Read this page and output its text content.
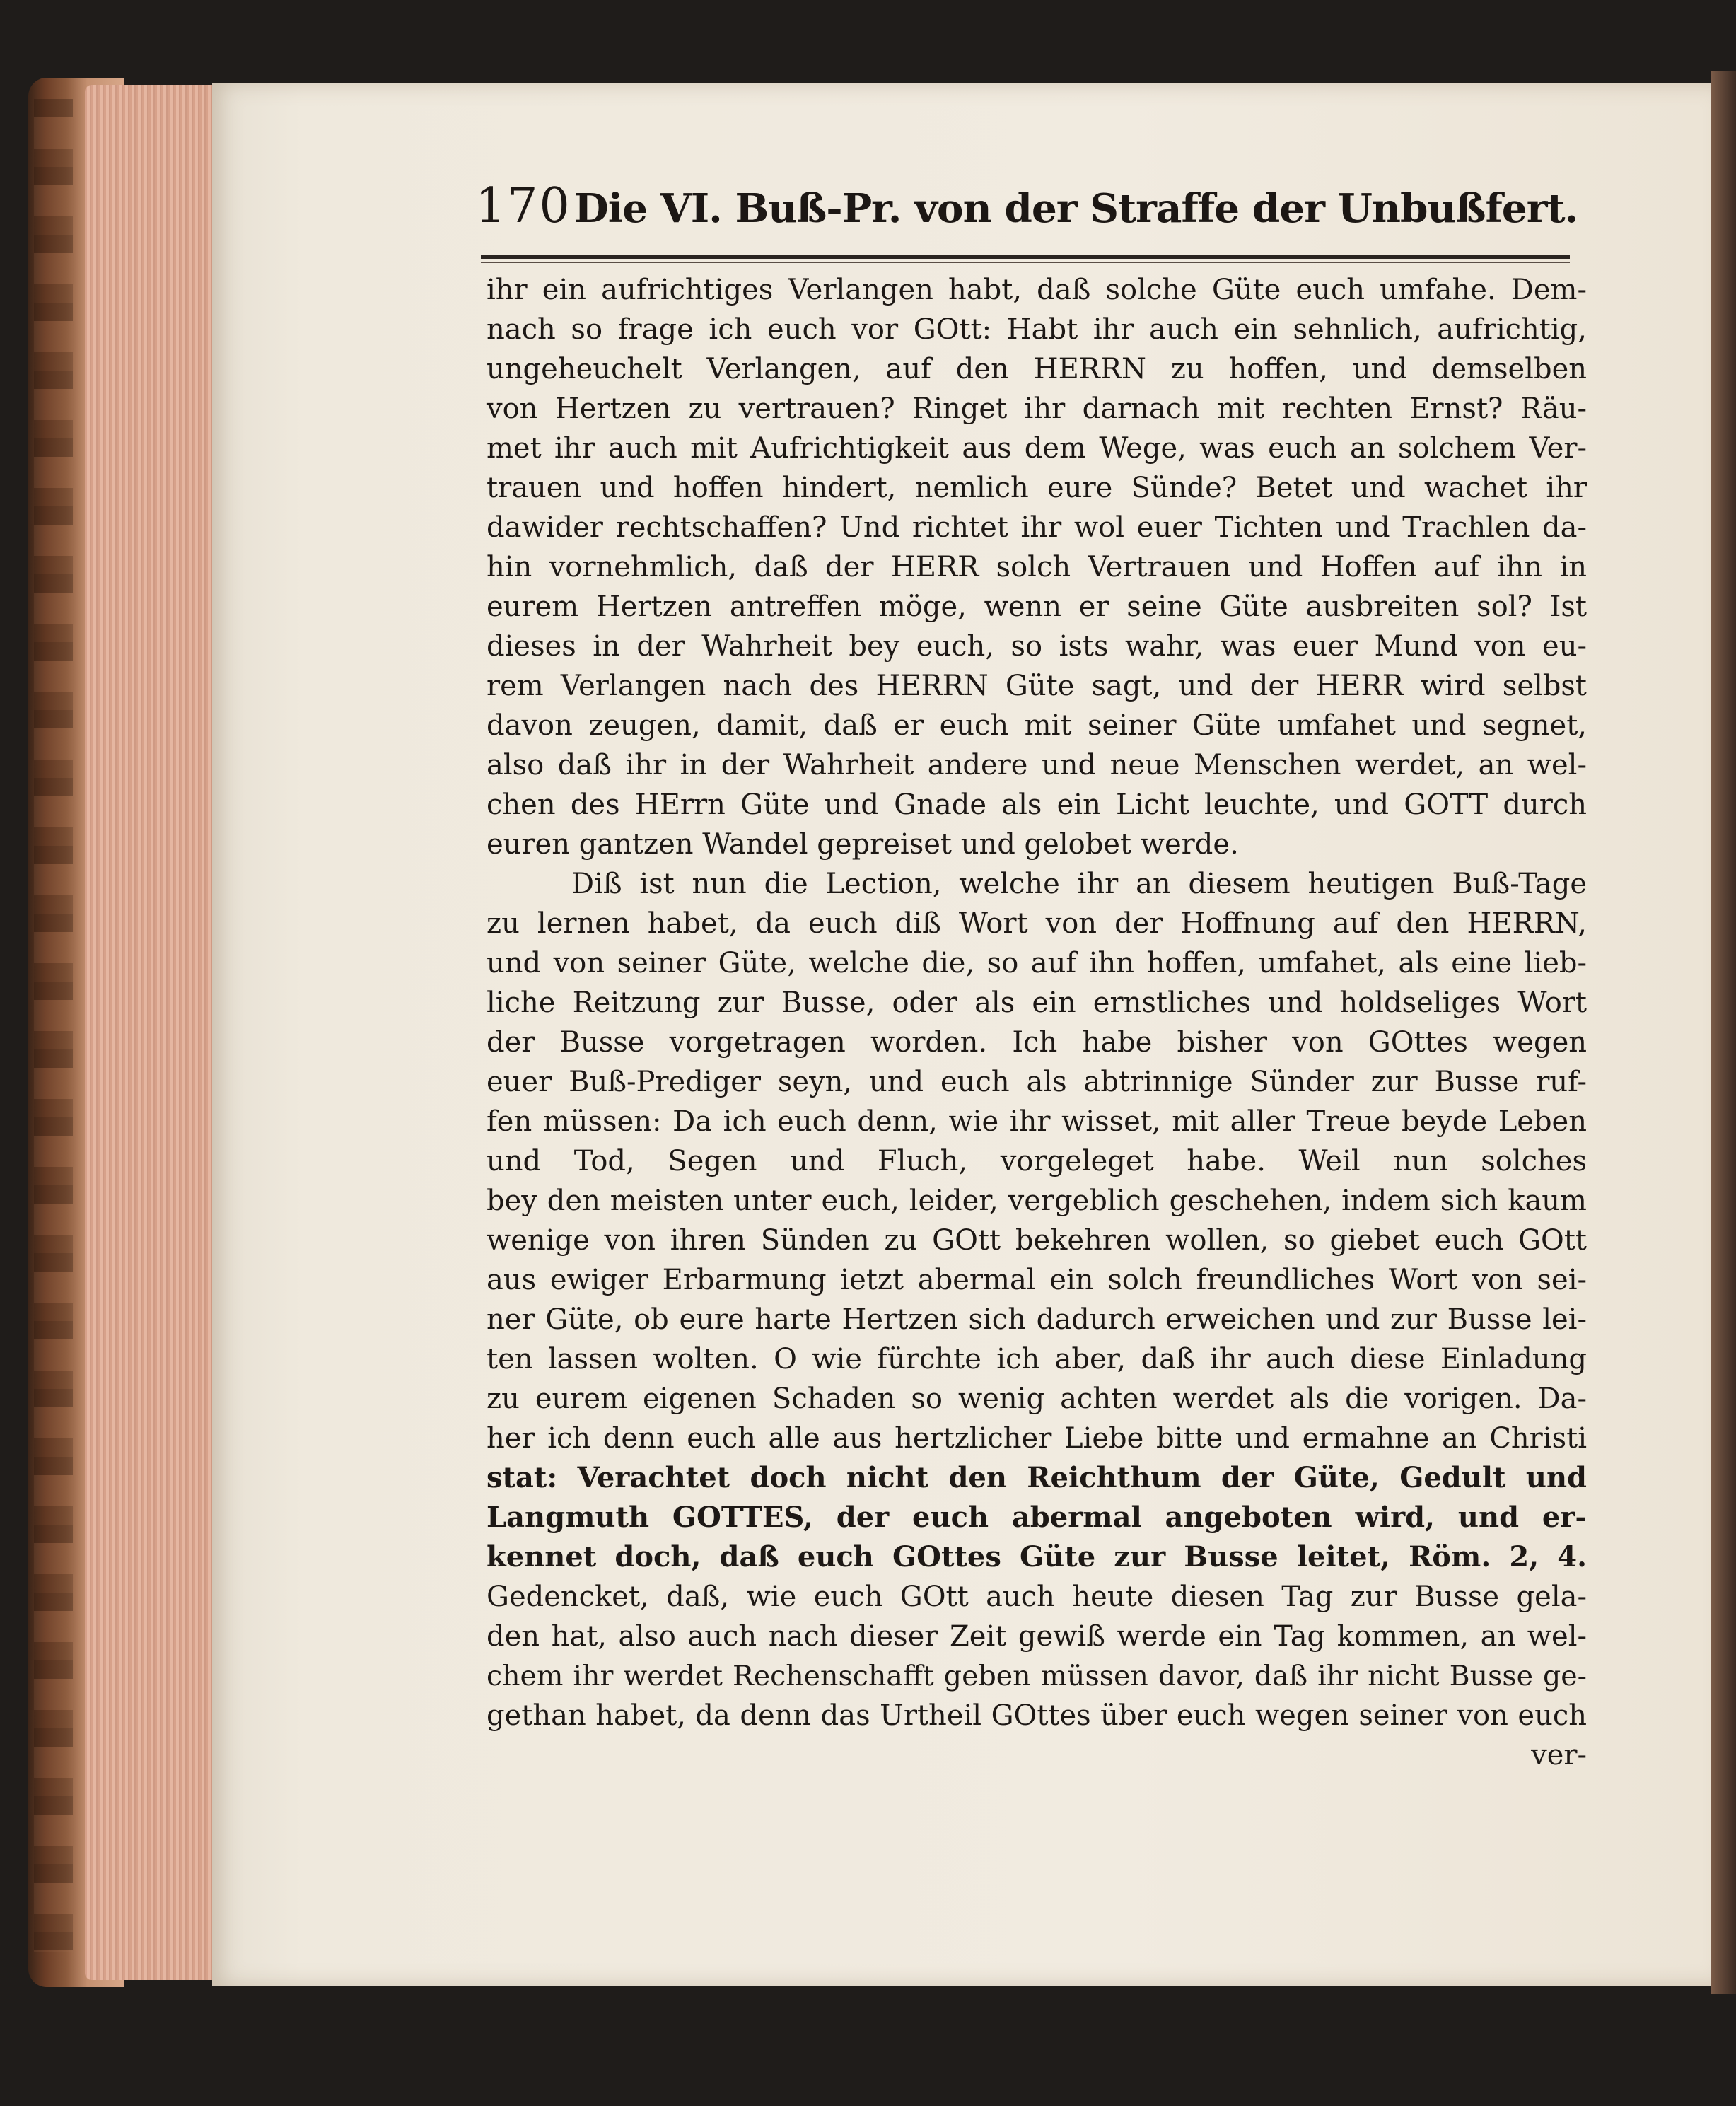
170 Die VI. Buß-Pr. von der Straffe der Unbußfert.
ihr ein aufrichtiges Verlangen habt, daß solche Güte euch umfahe. Dem-
nach so frage ich euch vor GOtt: Habt ihr auch ein sehnlich, aufrichtig,
ungeheuchelt Verlangen, auf den HERRN zu hoffen, und demselben
von Hertzen zu vertrauen? Ringet ihr darnach mit rechten Ernst? Räu-
met ihr auch mit Aufrichtigkeit aus dem Wege, was euch an solchem Ver-
trauen und hoffen hindert, nemlich eure Sünde? Betet und wachet ihr
dawider rechtschaffen? Und richtet ihr wol euer Tichten und Trachlen da-
hin vornehmlich, daß der HERR solch Vertrauen und Hoffen auf ihn in
eurem Hertzen antreffen möge, wenn er seine Güte ausbreiten sol? Ist
dieses in der Wahrheit bey euch, so ists wahr, was euer Mund von eu-
rem Verlangen nach des HERRN Güte sagt, und der HERR wird selbst
davon zeugen, damit, daß er euch mit seiner Güte umfahet und segnet,
also daß ihr in der Wahrheit andere und neue Menschen werdet, an wel-
chen des HErrn Güte und Gnade als ein Licht leuchte, und GOTT durch
euren gantzen Wandel gepreiset und gelobet werde.
Diß ist nun die Lection, welche ihr an diesem heutigen Buß-Tage
zu lernen habet, da euch diß Wort von der Hoffnung auf den HERRN,
und von seiner Güte, welche die, so auf ihn hoffen, umfahet, als eine lieb-
liche Reitzung zur Busse, oder als ein ernstliches und holdseliges Wort
der Busse vorgetragen worden. Ich habe bisher von GOttes wegen
euer Buß-Prediger seyn, und euch als abtrinnige Sünder zur Busse ruf-
fen müssen: Da ich euch denn, wie ihr wisset, mit aller Treue beyde Leben
und Tod, Segen und Fluch, vorgeleget habe. Weil nun solches
bey den meisten unter euch, leider, vergeblich geschehen, indem sich kaum
wenige von ihren Sünden zu GOtt bekehren wollen, so giebet euch GOtt
aus ewiger Erbarmung ietzt abermal ein solch freundliches Wort von sei-
ner Güte, ob eure harte Hertzen sich dadurch erweichen und zur Busse lei-
ten lassen wolten. O wie fürchte ich aber, daß ihr auch diese Einladung
zu eurem eigenen Schaden so wenig achten werdet als die vorigen. Da-
her ich denn euch alle aus hertzlicher Liebe bitte und ermahne an Christi
stat: Verachtet doch nicht den Reichthum der Güte, Gedult und
Langmuth GOTTES, der euch abermal angeboten wird, und er-
kennet doch, daß euch GOttes Güte zur Busse leitet, Röm. 2, 4.
Gedencket, daß, wie euch GOtt auch heute diesen Tag zur Busse gela-
den hat, also auch nach dieser Zeit gewiß werde ein Tag kommen, an wel-
chem ihr werdet Rechenschafft geben müssen davor, daß ihr nicht Busse ge-
gethan habet, da denn das Urtheil GOttes über euch wegen seiner von euch
ver-
